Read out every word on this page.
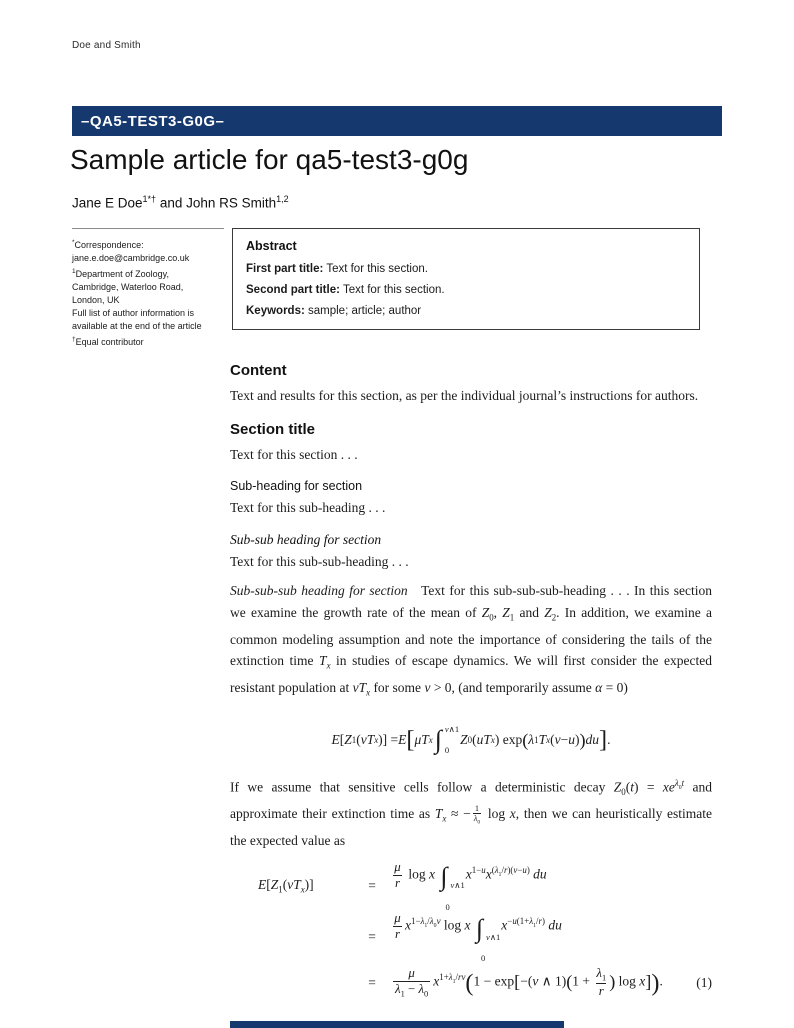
Doe and Smith
–QA5-TEST3-G0G–
Sample article for qa5-test3-g0g
Jane E Doe$^{1*\dagger}$ and John RS Smith$^{1,2}$
*Correspondence:
jane.e.doe@cambridge.co.uk
$^1$Department of Zoology,
Cambridge, Waterloo Road,
London, UK
Full list of author information is
available at the end of the article
†Equal contributor
Abstract

First part title: Text for this section.

Second part title: Text for this section.

Keywords: sample; article; author

Content

Text and results for this section, as per the individual journal’s instructions for authors.

Section title

Text for this section . . .

Sub-heading for section

Text for this sub-heading . . .

Sub-sub heading for section

Text for this sub-sub-heading . . .

Sub-sub-sub heading for section   Text for this sub-sub-sub-heading . . . In this section we examine the growth rate of the mean of $Z_0$, $Z_1$ and $Z_2$. In addition, we examine a common modeling assumption and note the importance of considering the tails of the extinction time $T_x$ in studies of escape dynamics. We will first consider the expected resistant population at $vT_x$ for some v > 0, (and temporarily assume α = 0)

E [ Z 1 ( vT x )] = E [ μT x ∫ v∧1
0
Z 0 ( uT x ) exp ( λ 1 T x ( v − u ) ) du ] .

If we assume that sensitive cells follow a deterministic decay $Z_0(t) = xe^{\lambda_0t}$ and approximate their extinction time as $T_x$ ≈ − $\frac{1}{\lambda_0}$ log x, then we can heuristically estimate the expected value as

$E[Z_1(vT_x)]$	=	$\frac{\mu}{r}$ log x ∫ v∧1
0
$x^{1-u}x^{(\lambda_1/r)(v-u)}$ du
=	$\frac{\mu}{r} x^{1-\lambda_1/\lambda_0v}$ log x ∫ v∧1
0
$x^{-u(1+\lambda_1/r)}$ du
=	$\frac{\mu}{\lambda_1 - \lambda_0} x^{1+\lambda_1/rv}(1 - \exp[-(v$ ∧ $1)(1 + \frac{\lambda_1}{r}$ ) log x]).	(1)
